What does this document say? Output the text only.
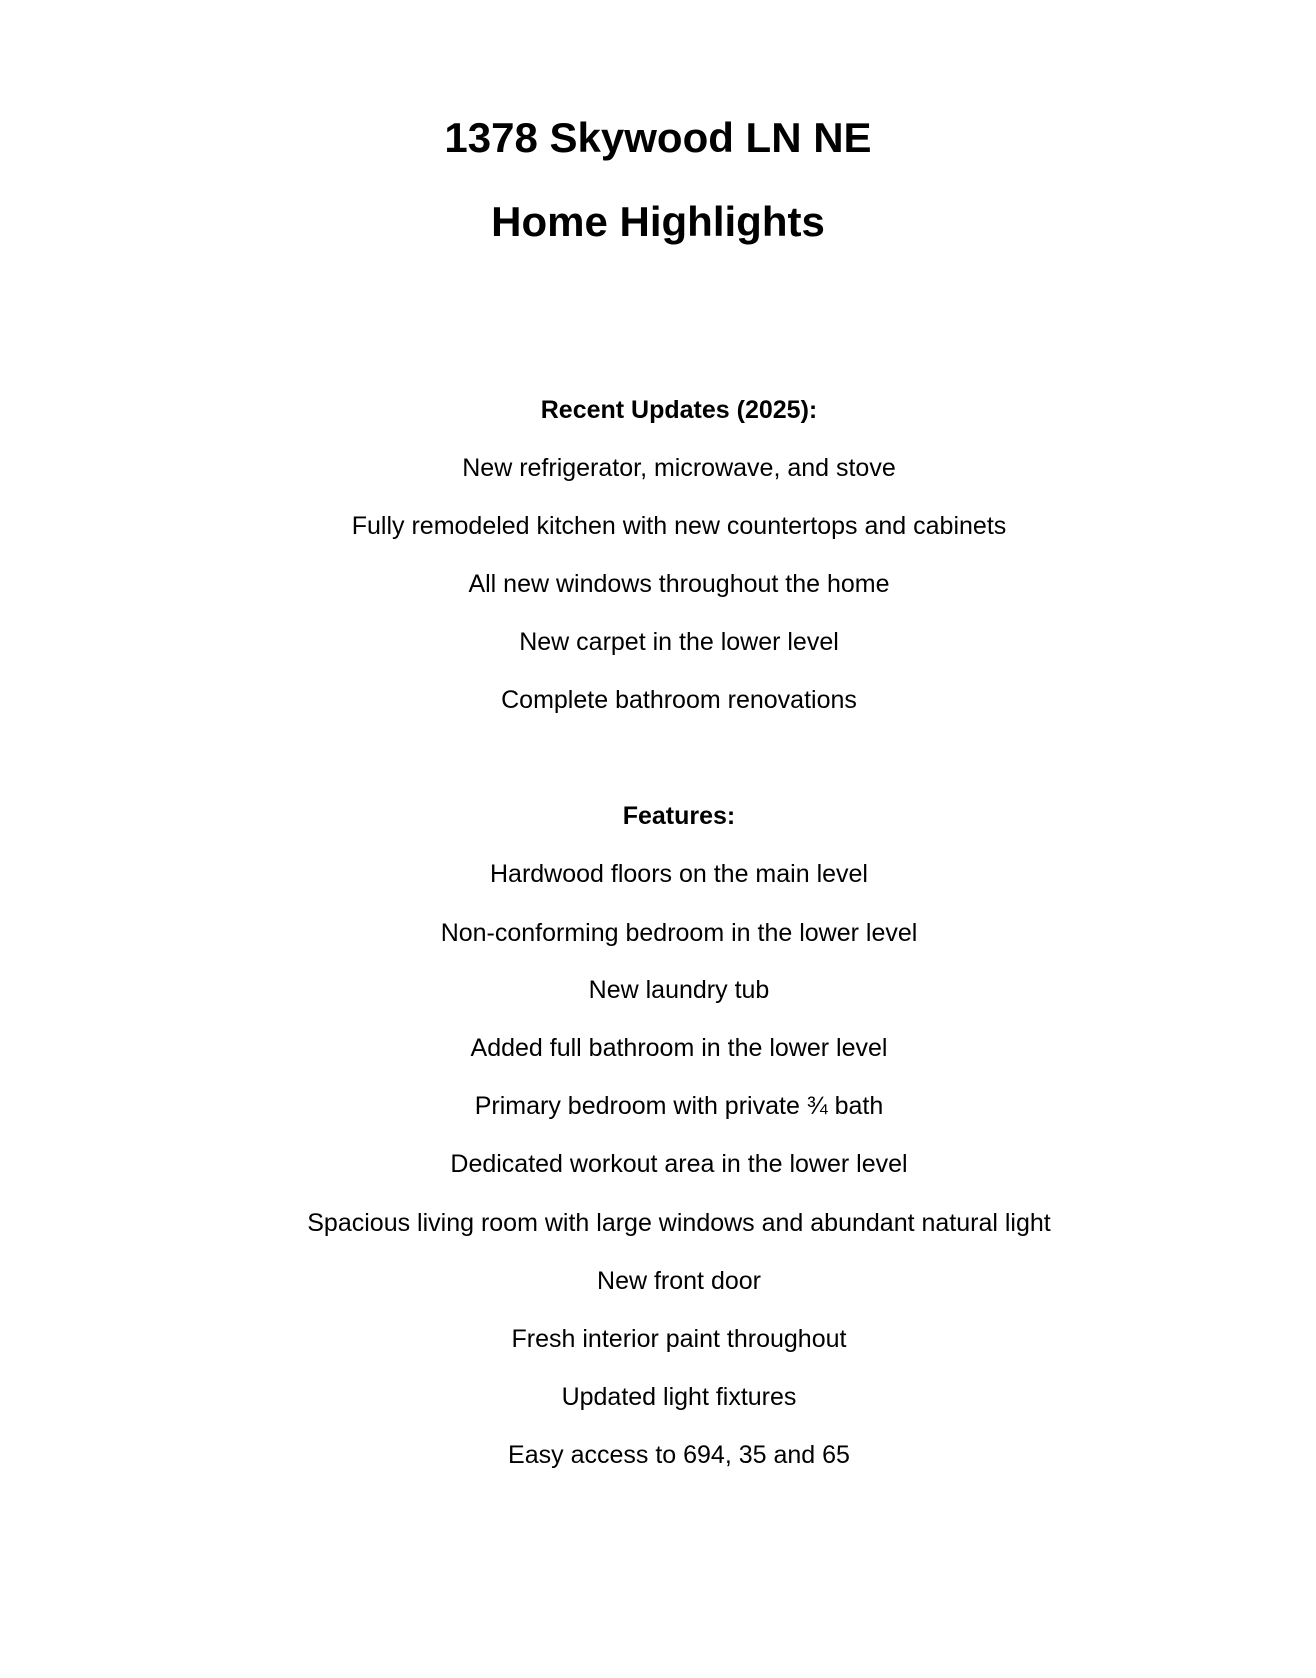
1378 Skywood LN NE
Home Highlights
Recent Updates (2025):
New refrigerator, microwave, and stove
Fully remodeled kitchen with new countertops and cabinets
All new windows throughout the home
New carpet in the lower level
Complete bathroom renovations
Features:
Hardwood floors on the main level
Non-conforming bedroom in the lower level
New laundry tub
Added full bathroom in the lower level
Primary bedroom with private ¾ bath
Dedicated workout area in the lower level
Spacious living room with large windows and abundant natural light
New front door
Fresh interior paint throughout
Updated light fixtures
Easy access to 694, 35 and 65
